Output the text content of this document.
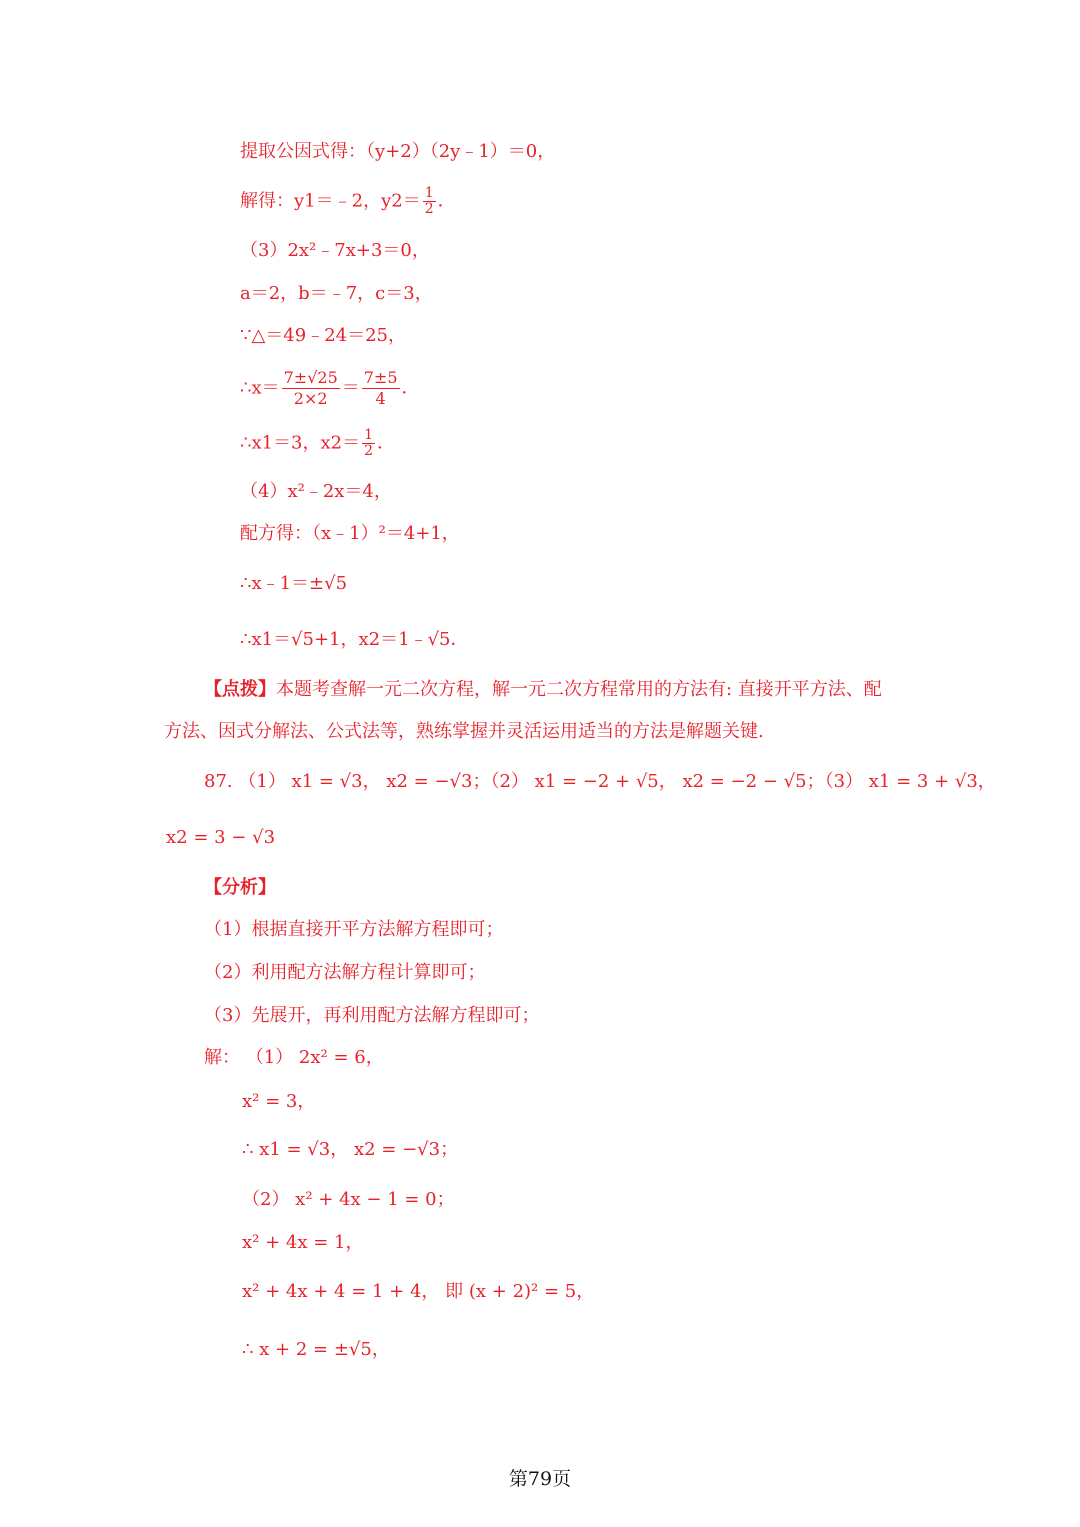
提取公因式得：（y+2）（2y﹣1）＝0，
解得：y1＝﹣2，$y2= \frac{1}{2}$ ．
（3）2x²﹣7x+3＝0，
a＝2，b＝﹣7，c＝3，
∵△＝49﹣24＝25，
∴x＝ $\frac{7\pm√25}{2\times 2} = \frac{7\pm 5}{4}$ ．
∴x1＝3，$x2= \frac{1}{2}$ ．
（4）x²﹣2x＝4，
配方得：（x﹣1）²＝4+1，
∴x﹣1＝±√5
∴x1＝√5+1，x2＝1﹣√5．
【点拨】本题考查解一元二次方程，解一元二次方程常用的方法有: 直接开平方法、配
方法、因式分解法、公式法等，熟练掌握并灵活运用适当的方法是解题关键.
87. （1） x1 = √3， x2 = −√3；（2） x1 = −2 + √5， x2 = −2 − √5；（3） x1 = 3 + √3，
x2 = 3 − √3
【分析】
（1）根据直接开平方法解方程即可；
（2）利用配方法解方程计算即可；
（3）先展开，再利用配方法解方程即可；
解： （1） 2x² = 6，
x² = 3，
∴ x1 = √3， x2 = −√3；
（2） x² + 4x − 1 = 0；
x² + 4x = 1，
x² + 4x + 4 = 1 + 4， 即 (x + 2)² = 5，
∴ x + 2 = ±√5，
第79页
